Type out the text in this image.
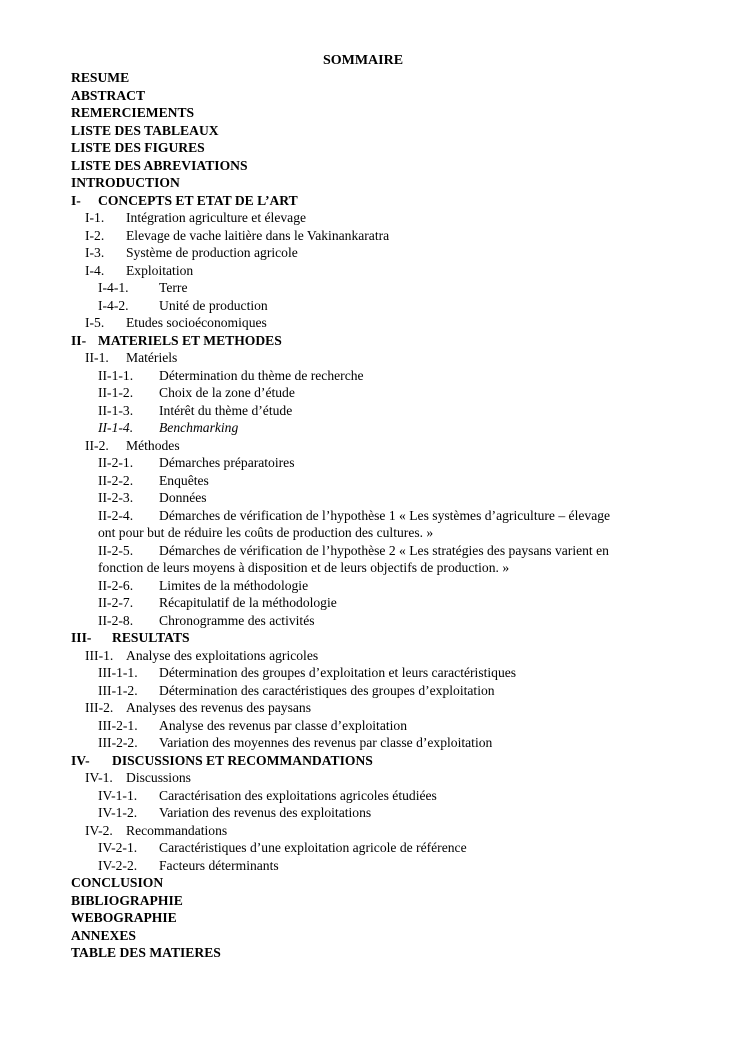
SOMMAIRE
RESUME
ABSTRACT
REMERCIEMENTS
LISTE DES TABLEAUX
LISTE DES FIGURES
LISTE DES ABREVIATIONS
INTRODUCTION
I- CONCEPTS ET ETAT DE L’ART
I-1. Intégration agriculture et élevage
I-2. Elevage de vache laitière dans le Vakinankaratra
I-3. Système de production agricole
I-4. Exploitation
I-4-1. Terre
I-4-2. Unité de production
I-5. Etudes socioéconomiques
II- MATERIELS ET METHODES
II-1. Matériels
II-1-1. Détermination du thème de recherche
II-1-2. Choix de la zone d’étude
II-1-3. Intérêt du thème d’étude
II-1-4. Benchmarking
II-2. Méthodes
II-2-1. Démarches préparatoires
II-2-2. Enquêtes
II-2-3. Données
II-2-4. Démarches de vérification de l’hypothèse 1 « Les systèmes d’agriculture – élevage
ont pour but de réduire les coûts de production des cultures. »
II-2-5. Démarches de vérification de l’hypothèse 2 « Les stratégies des paysans varient en
fonction de leurs moyens à disposition et de leurs objectifs de production. »
II-2-6. Limites de la méthodologie
II-2-7. Récapitulatif de la méthodologie
II-2-8. Chronogramme des activités
III- RESULTATS
III-1. Analyse des exploitations agricoles
III-1-1. Détermination des groupes d’exploitation et leurs caractéristiques
III-1-2. Détermination des caractéristiques des groupes d’exploitation
III-2. Analyses des revenus des paysans
III-2-1. Analyse des revenus par classe d’exploitation
III-2-2. Variation des moyennes des revenus par classe d’exploitation
IV- DISCUSSIONS ET RECOMMANDATIONS
IV-1. Discussions
IV-1-1. Caractérisation des exploitations agricoles étudiées
IV-1-2. Variation des revenus des exploitations
IV-2. Recommandations
IV-2-1. Caractéristiques d’une exploitation agricole de référence
IV-2-2. Facteurs déterminants
CONCLUSION
BIBLIOGRAPHIE
WEBOGRAPHIE
ANNEXES
TABLE DES MATIERES
